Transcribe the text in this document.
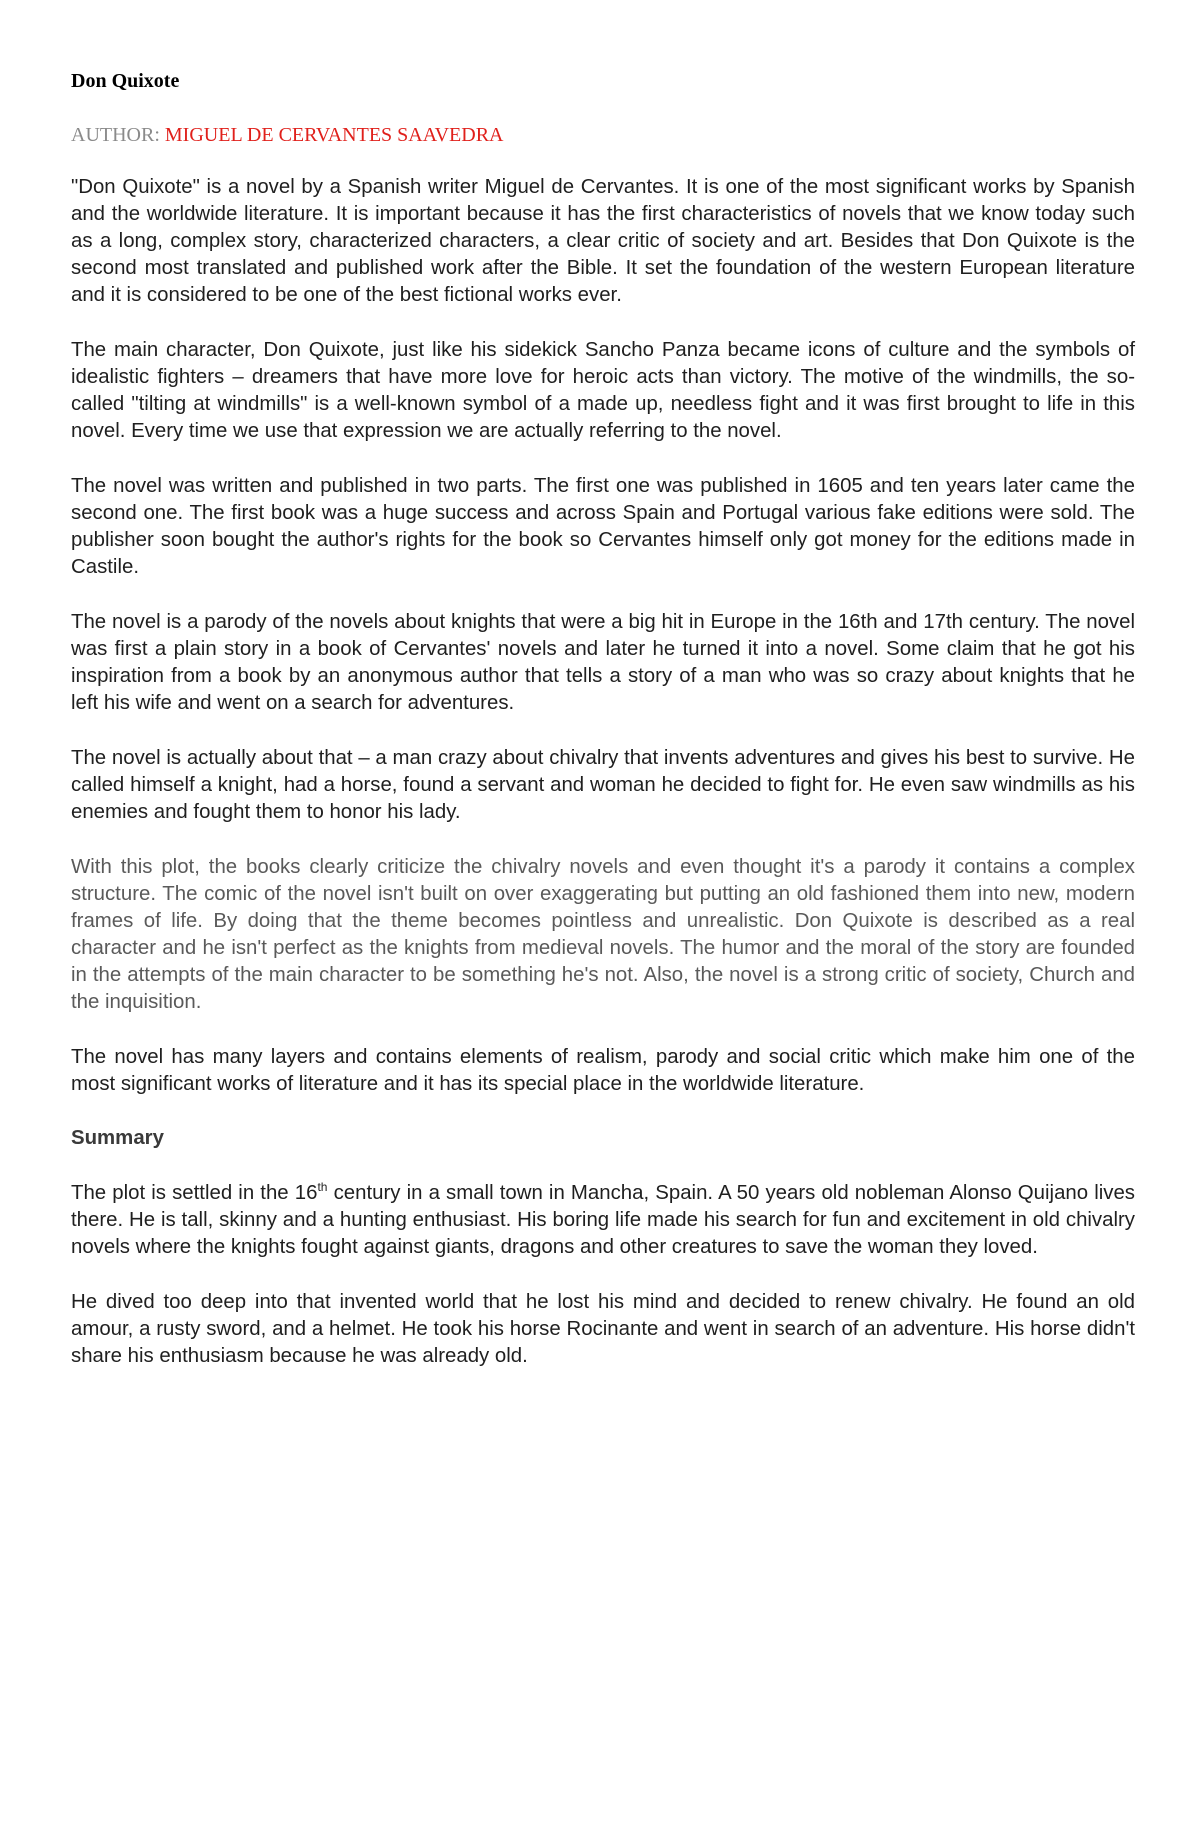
Don Quixote

AUTHOR: MIGUEL DE CERVANTES SAAVEDRA

"Don Quixote" is a novel by a Spanish writer Miguel de Cervantes. It is one of the most significant works by Spanish and the worldwide literature. It is important because it has the first characteristics of novels that we know today such as a long, complex story, characterized characters, a clear critic of society and art. Besides that Don Quixote is the second most translated and published work after the Bible. It set the foundation of the western European literature and it is considered to be one of the best fictional works ever.

The main character, Don Quixote, just like his sidekick Sancho Panza became icons of culture and the symbols of idealistic fighters – dreamers that have more love for heroic acts than victory. The motive of the windmills, the so-called "tilting at windmills" is a well-known symbol of a made up, needless fight and it was first brought to life in this novel. Every time we use that expression we are actually referring to the novel.

The novel was written and published in two parts. The first one was published in 1605 and ten years later came the second one. The first book was a huge success and across Spain and Portugal various fake editions were sold. The publisher soon bought the author's rights for the book so Cervantes himself only got money for the editions made in Castile.

The novel is a parody of the novels about knights that were a big hit in Europe in the 16th and 17th century. The novel was first a plain story in a book of Cervantes' novels and later he turned it into a novel. Some claim that he got his inspiration from a book by an anonymous author that tells a story of a man who was so crazy about knights that he left his wife and went on a search for adventures.

The novel is actually about that – a man crazy about chivalry that invents adventures and gives his best to survive. He called himself a knight, had a horse, found a servant and woman he decided to fight for. He even saw windmills as his enemies and fought them to honor his lady.

With this plot, the books clearly criticize the chivalry novels and even thought it's a parody it contains a complex structure. The comic of the novel isn't built on over exaggerating but putting an old fashioned them into new, modern frames of life. By doing that the theme becomes pointless and unrealistic. Don Quixote is described as a real character and he isn't perfect as the knights from medieval novels. The humor and the moral of the story are founded in the attempts of the main character to be something he's not. Also, the novel is a strong critic of society, Church and the inquisition.

The novel has many layers and contains elements of realism, parody and social critic which make him one of the most significant works of literature and it has its special place in the worldwide literature.

Summary

The plot is settled in the 16th century in a small town in Mancha, Spain. A 50 years old nobleman Alonso Quijano lives there. He is tall, skinny and a hunting enthusiast. His boring life made his search for fun and excitement in old chivalry novels where the knights fought against giants, dragons and other creatures to save the woman they loved.

He dived too deep into that invented world that he lost his mind and decided to renew chivalry. He found an old amour, a rusty sword, and a helmet. He took his horse Rocinante and went in search of an adventure. His horse didn't share his enthusiasm because he was already old.
